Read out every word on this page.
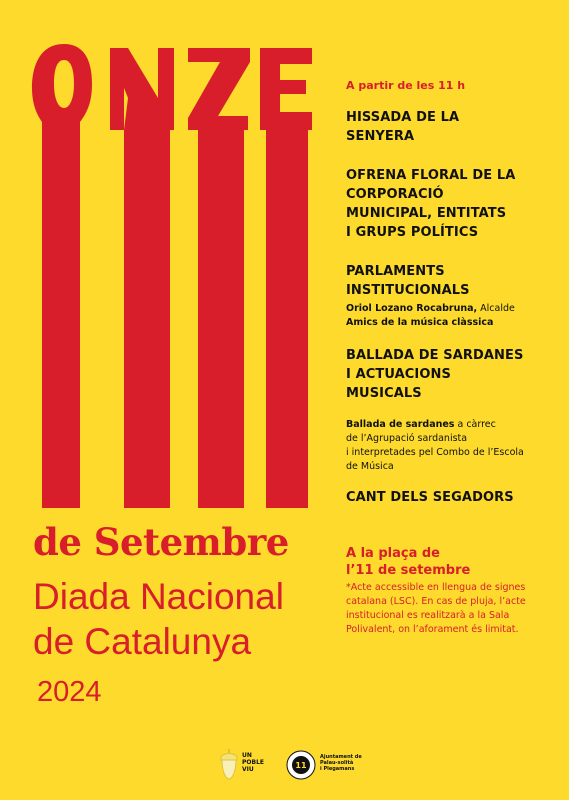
de Setembre
Diada Nacional
de Catalunya
2024
A partir de les 11 h
HISSADA DE LA
SENYERA
OFRENA FLORAL DE LA
CORPORACIÓ
MUNICIPAL, ENTITATS
I GRUPS POLÍTICS
PARLAMENTS
INSTITUCIONALS
Oriol Lozano Rocabruna, Alcalde
Amics de la música clàssica
BALLADA DE SARDANES
I ACTUACIONS
MUSICALS
Ballada de sardanes a càrrec
de l’Agrupació sardanista
i interpretades pel Combo de l’Escola
de Música
CANT DELS SEGADORS
A la plaça de
l’11 de setembre
*Acte accessible en llengua de signes
catalana (LSC). En cas de pluja, l’acte
institucional es realitzarà a la Sala
Polivalent, on l’aforament és limitat.
UN
POBLE
VIU	11
Ajuntament de
Palau-solità
i Plegamans
